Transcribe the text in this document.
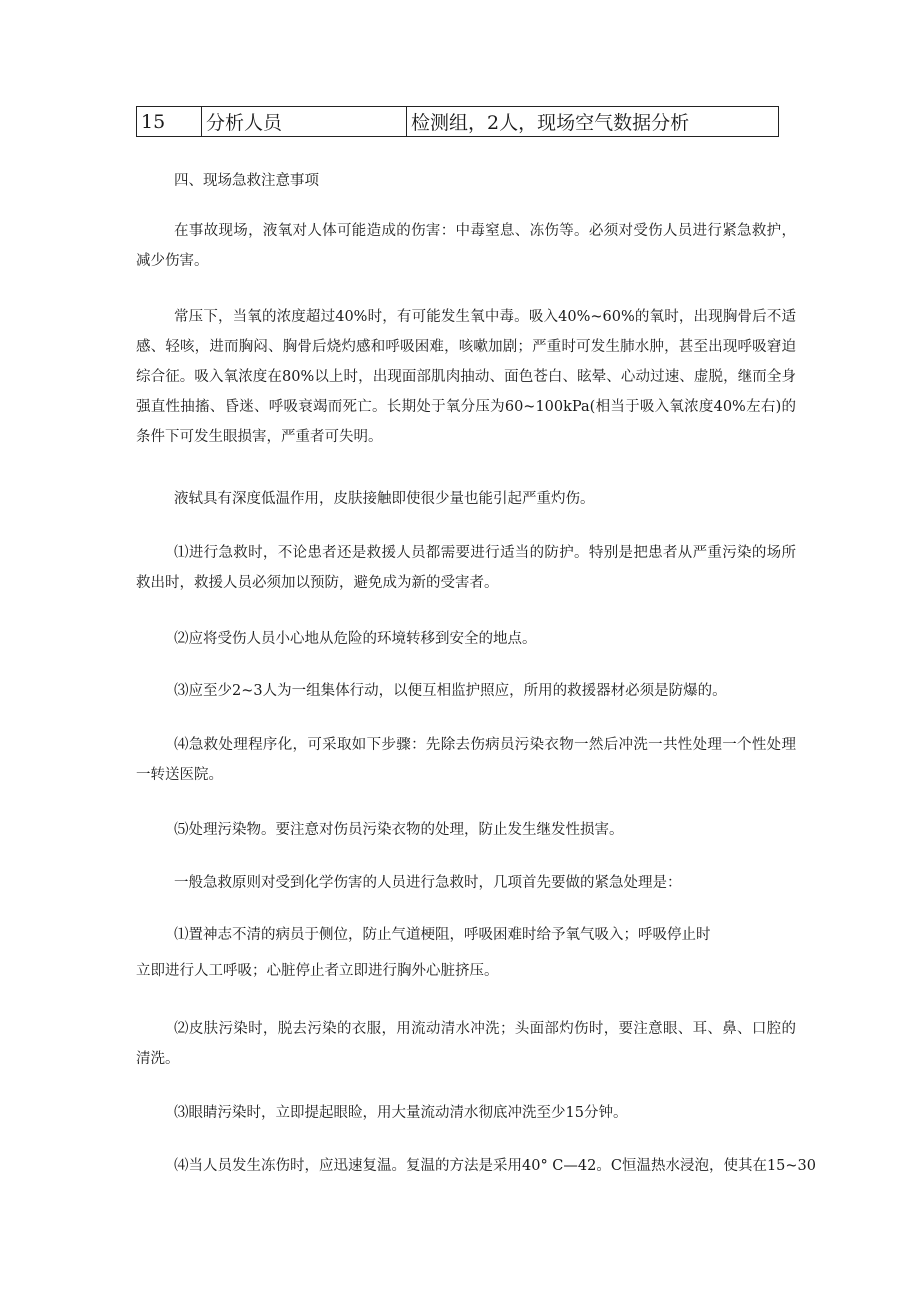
15	分析人员	检测组，2人，现场空气数据分析

四、现场急救注意事项

在事故现场，液氧对人体可能造成的伤害：中毒窒息、冻伤等。必须对受伤人员进行紧急救护，减少伤害。

常压下，当氧的浓度超过40%时，有可能发生氧中毒。吸入40%~60%的氧时，出现胸骨后不适感、轻咳，进而胸闷、胸骨后烧灼感和呼吸困难，咳嗽加剧；严重时可发生肺水肿，甚至出现呼吸窘迫综合征。吸入氧浓度在80%以上时，出现面部肌肉抽动、面色苍白、眩晕、心动过速、虚脱，继而全身强直性抽搐、昏迷、呼吸衰竭而死亡。长期处于氧分压为60~100kPa(相当于吸入氧浓度40%左右)的条件下可发生眼损害，严重者可失明。

液轼具有深度低温作用，皮肤接触即使很少量也能引起严重灼伤。

⑴进行急救时，不论患者还是救援人员都需要进行适当的防护。特别是把患者从严重污染的场所救出时，救援人员必须加以预防，避免成为新的受害者。

⑵应将受伤人员小心地从危险的环境转移到安全的地点。

⑶应至少2~3人为一组集体行动，以便互相监护照应，所用的救援器材必须是防爆的。

⑷急救处理程序化，可采取如下步骤：先除去伤病员污染衣物一然后冲洗一共性处理一个性处理一转送医院。

⑸处理污染物。要注意对伤员污染衣物的处理，防止发生继发性损害。

一般急救原则对受到化学伤害的人员进行急救时，几项首先要做的紧急处理是：

⑴置神志不清的病员于侧位，防止气道梗阻，呼吸困难时给予氧气吸入；呼吸停止时
立即进行人工呼吸；心脏停止者立即进行胸外心脏挤压。

⑵皮肤污染时，脱去污染的衣服，用流动清水冲洗；头面部灼伤时，要注意眼、耳、鼻、口腔的清洗。

⑶眼睛污染时，立即提起眼睑，用大量流动清水彻底冲洗至少15分钟。

⑷当人员发生冻伤时，应迅速复温。复温的方法是采用40° C—42。C恒温热水浸泡，使其在15~30
